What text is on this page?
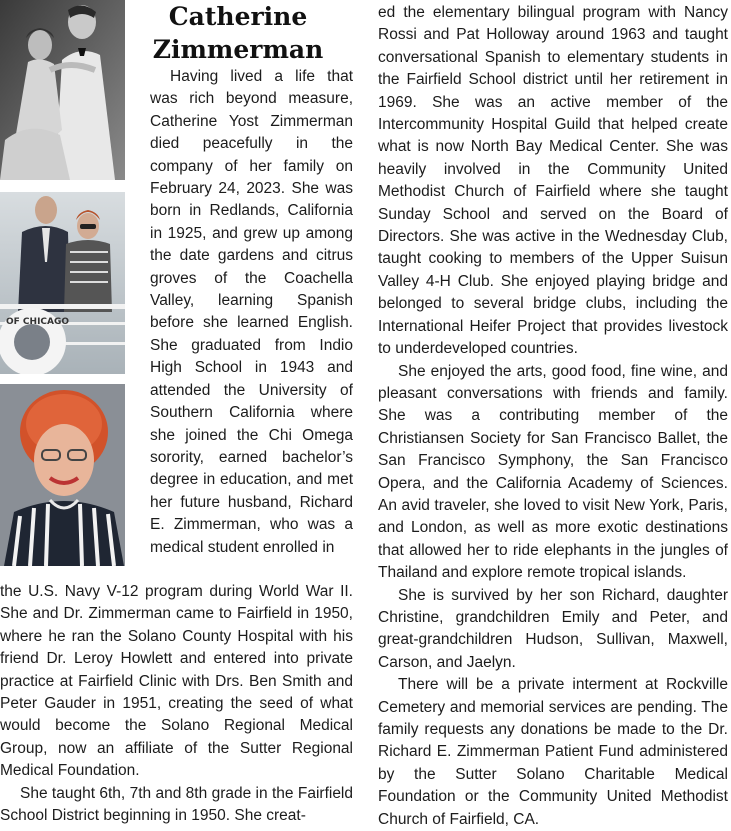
Catherine
Zimmerman
OF CHICAGO

Having lived a life that was rich beyond measure, Catherine Yost Zimmerman died peacefully in the company of her family on February 24, 2023. She was born in Redlands, California in 1925, and grew up among the date gardens and citrus groves of the Coachella Valley, learning Spanish before she learned English. She graduated from Indio High School in 1943 and attended the University of Southern California where she joined the Chi Omega sorority, earned bachelor’s degree in education, and met her future husband, Richard E. Zimmerman, who was a medical student enrolled in

the U.S. Navy V-12 program during World War II. She and Dr. Zimmerman came to Fairfield in 1950, where he ran the Solano County Hospital with his friend Dr. Leroy Howlett and entered into private practice at Fairfield Clinic with Drs. Ben Smith and Peter Gauder in 1951, creating the seed of what would become the Solano Regional Medical Group, now an affiliate of the Sutter Regional Medical Foundation.

She taught 6th, 7th and 8th grade in the Fairfield School District beginning in 1950. She creat-

ed the elementary bilingual program with Nancy Rossi and Pat Holloway around 1963 and taught conversational Spanish to elementary students in the Fairfield School district until her retirement in 1969. She was an active member of the Intercommunity Hospital Guild that helped create what is now North Bay Medical Center. She was heavily involved in the Community United Methodist Church of Fairfield where she taught Sunday School and served on the Board of Directors. She was active in the Wednesday Club, taught cooking to members of the Upper Suisun Valley 4-H Club. She enjoyed playing bridge and belonged to several bridge clubs, including the International Heifer Project that provides livestock to underdeveloped countries.

She enjoyed the arts, good food, fine wine, and pleasant conversations with friends and family. She was a contributing member of the Christiansen Society for San Francisco Ballet, the San Francisco Symphony, the San Francisco Opera, and the California Academy of Sciences. An avid traveler, she loved to visit New York, Paris, and London, as well as more exotic destinations that allowed her to ride elephants in the jungles of Thailand and explore remote tropical islands.

She is survived by her son Richard, daughter Christine, grandchildren Emily and Peter, and great-grandchildren Hudson, Sullivan, Maxwell, Carson, and Jaelyn.

There will be a private interment at Rockville Cemetery and memorial services are pending. The family requests any donations be made to the Dr. Richard E. Zimmerman Patient Fund administered by the Sutter Solano Charitable Medical Foundation or the Community United Methodist Church of Fairfield, CA.
